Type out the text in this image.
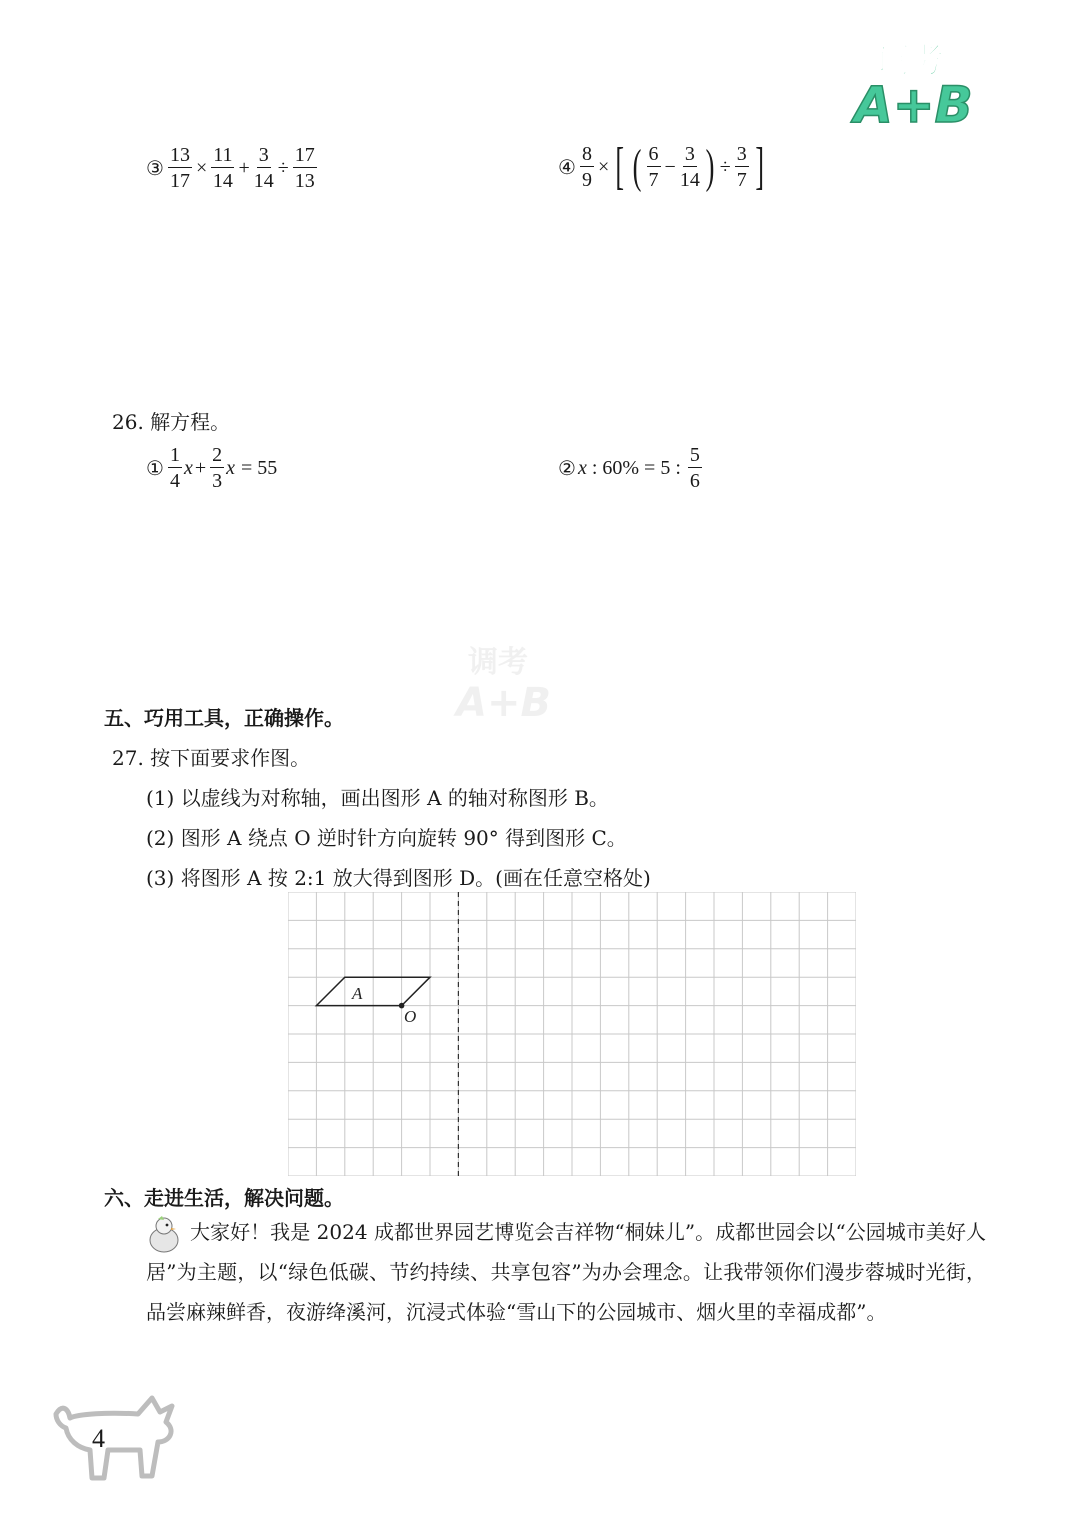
调考
A+B
③ $\frac{13}{17} \times \frac{11}{14} + \frac{3}{14} \div \frac{17}{13}$	④ $\frac{8}{9}$ × [ ( $\frac{6}{7} - \frac{3}{14}$ ) ÷ $\frac{3}{7}$ ]
26. 解方程。
① $\frac{1}{4}$ $x + \frac{2}{3}$ x = 55	② x : 60% = 5 : $\frac{5}{6}$
调考
A+B
五、巧用工具，正确操作。
27. 按下面要求作图。
(1) 以虚线为对称轴，画出图形 A 的轴对称图形 B。
(2) 图形 A 绕点 O 逆时针方向旋转 90° 得到图形 C。
(3) 将图形 A 按 2:1 放大得到图形 D。(画在任意空格处)
A
O
六、走进生活，解决问题。
大家好！我是 2024 成都世界园艺博览会吉祥物“桐妹儿”。成都世园会以“公园城市美好人居”为主题，以“绿色低碳、节约持续、共享包容”为办会理念。让我带领你们漫步蓉城时光街，品尝麻辣鲜香，夜游绛溪河，沉浸式体验“雪山下的公园城市、烟火里的幸福成都”。
4
